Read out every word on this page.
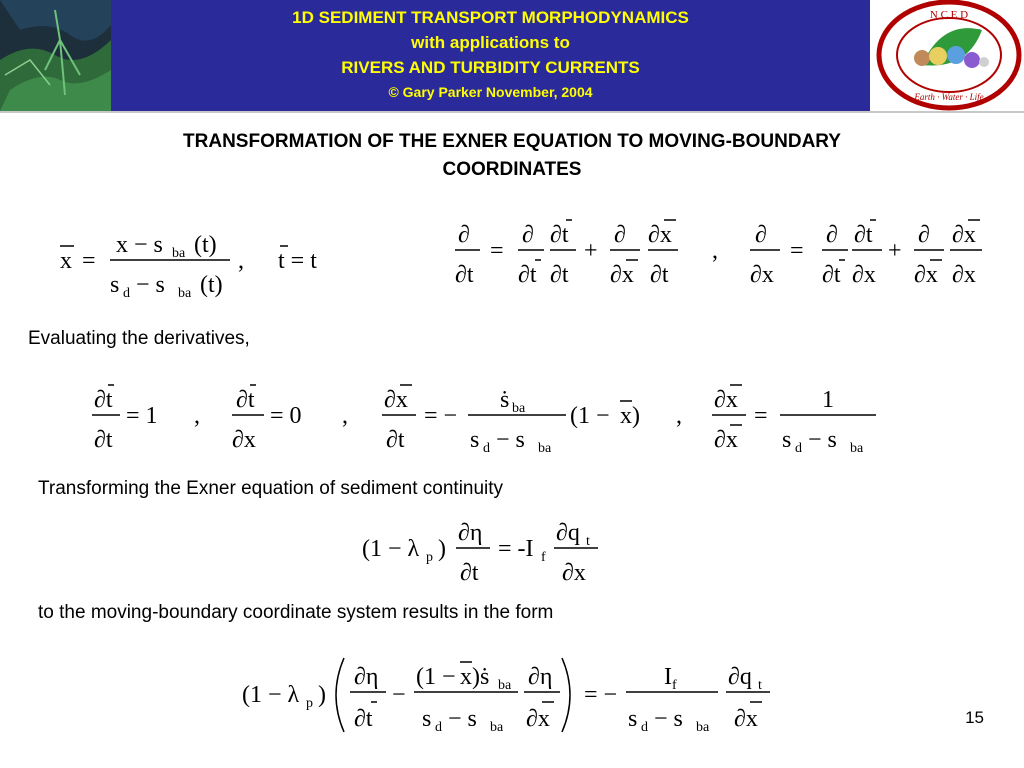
1D SEDIMENT TRANSPORT MORPHODYNAMICS
with applications to
RIVERS AND TURBIDITY CURRENTS
© Gary Parker November, 2004
N C E D
Earth · Water · Life
TRANSFORMATION OF THE EXNER EQUATION TO MOVING-BOUNDARY
COORDINATES
x =
x − s ba (t)
s d − s ba (t)
, t = t
∂
∂t
=
∂
∂t
∂t
∂t
+
∂
∂x
∂x
∂t
,
∂
∂x
=
∂
∂t
∂t
∂x
+
∂
∂x
∂x
∂x
Evaluating the derivatives,
∂t
∂t
= 1 ,
∂t
∂x
= 0 ,
∂x
∂t
= −
ṡ ba
s d − s ba
(1 − x) ,
∂x
∂x
=
1
s d − s ba
Transforming the Exner equation of sediment continuity
(1 − λ p )
∂η
∂t
= -I f
∂q t
∂x
to the moving-boundary coordinate system results in the form
(1 − λ p )
∂η
∂t
−
(1 − x)ṡ ba
s d − s ba
∂η
∂x
= −
I f
s d − s ba
∂q t
∂x	15
